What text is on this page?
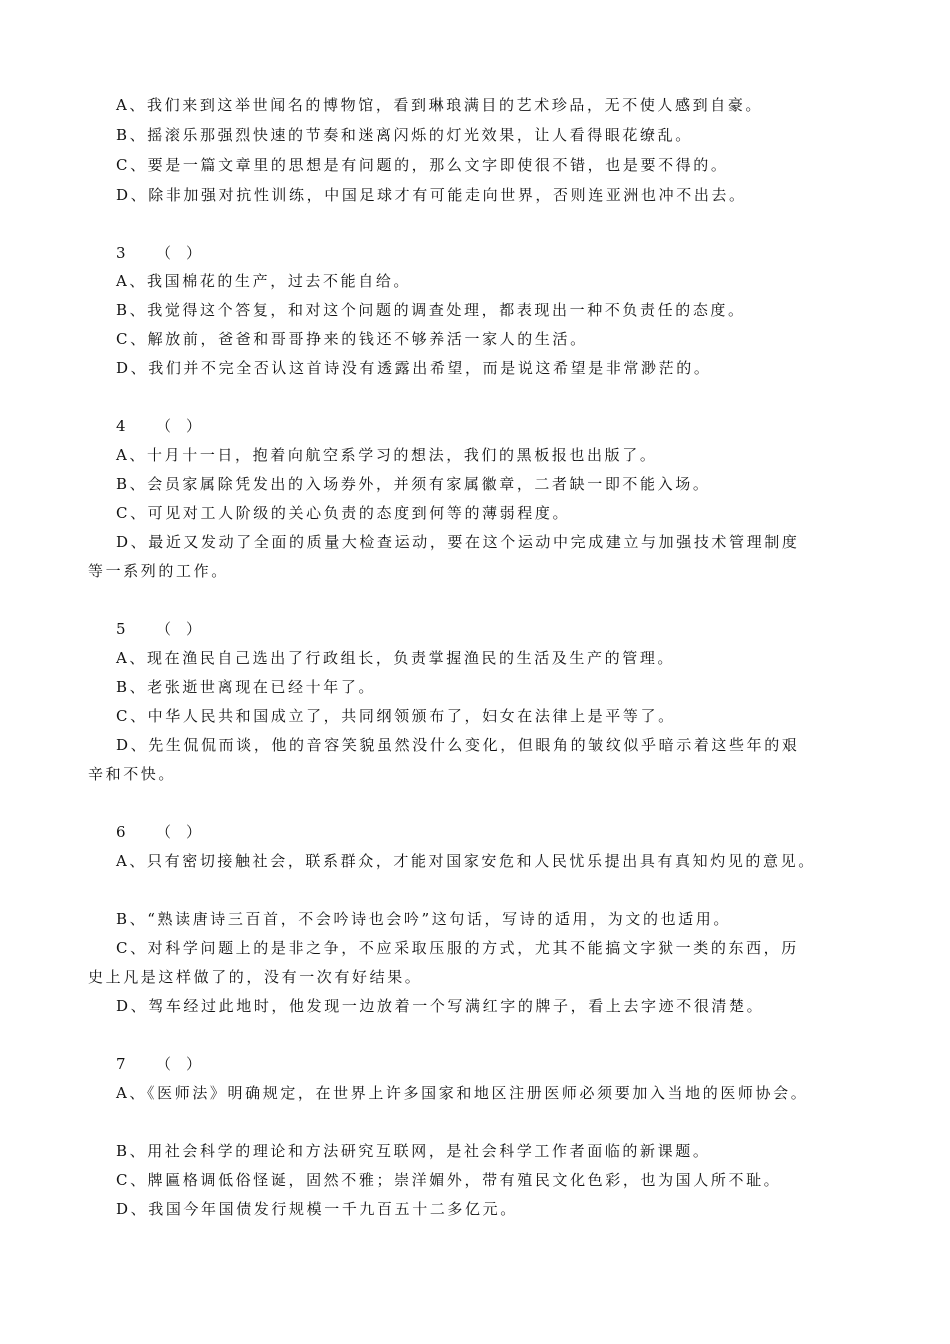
A、我们来到这举世闻名的博物馆，看到琳琅满目的艺术珍品，无不使人感到自豪。
B、摇滚乐那强烈快速的节奏和迷离闪烁的灯光效果，让人看得眼花缭乱。
C、要是一篇文章里的思想是有问题的，那么文字即使很不错，也是要不得的。
D、除非加强对抗性训练，中国足球才有可能走向世界，否则连亚洲也冲不出去。
3 （　）
A、我国棉花的生产，过去不能自给。
B、我觉得这个答复，和对这个问题的调查处理，都表现出一种不负责任的态度。
C、解放前，爸爸和哥哥挣来的钱还不够养活一家人的生活。
D、我们并不完全否认这首诗没有透露出希望，而是说这希望是非常渺茫的。
4 （　）
A、十月十一日，抱着向航空系学习的想法，我们的黑板报也出版了。
B、会员家属除凭发出的入场券外，并须有家属徽章，二者缺一即不能入场。
C、可见对工人阶级的关心负责的态度到何等的薄弱程度。
D、最近又发动了全面的质量大检查运动，要在这个运动中完成建立与加强技术管理制度
等一系列的工作。
5 （　）
A、现在渔民自己选出了行政组长，负责掌握渔民的生活及生产的管理。
B、老张逝世离现在已经十年了。
C、中华人民共和国成立了，共同纲领颁布了，妇女在法律上是平等了。
D、先生侃侃而谈，他的音容笑貌虽然没什么变化，但眼角的皱纹似乎暗示着这些年的艰
辛和不快。
6 （　）
A、只有密切接触社会，联系群众，才能对国家安危和人民忧乐提出具有真知灼见的意见。
B、“熟读唐诗三百首，不会吟诗也会吟”这句话，写诗的适用，为文的也适用。
C、对科学问题上的是非之争，不应采取压服的方式，尤其不能搞文字狱一类的东西，历
史上凡是这样做了的，没有一次有好结果。
D、驾车经过此地时，他发现一边放着一个写满红字的牌子，看上去字迹不很清楚。
7 （　）
A、《医师法》明确规定，在世界上许多国家和地区注册医师必须要加入当地的医师协会。
B、用社会科学的理论和方法研究互联网，是社会科学工作者面临的新课题。
C、牌匾格调低俗怪诞，固然不雅；崇洋媚外，带有殖民文化色彩，也为国人所不耻。
D、我国今年国债发行规模一千九百五十二多亿元。
